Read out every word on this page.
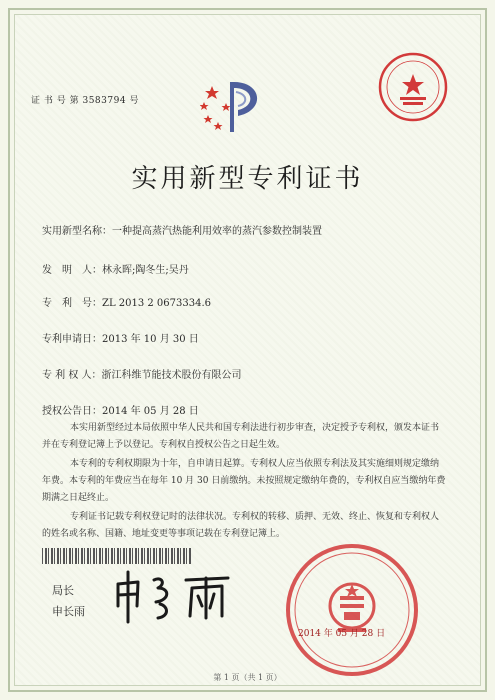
证 书 号 第 3583794 号
实用新型专利证书
实用新型名称：一种提高蒸汽热能利用效率的蒸汽参数控制装置
发　明　人：林永晖;陶冬生;吴丹
专　利　号：ZL 2013 2 0673334.6
专利申请日：2013 年 10 月 30 日
专 利 权 人：浙江科维节能技术股份有限公司
授权公告日：2014 年 05 月 28 日
本实用新型经过本局依照中华人民共和国专利法进行初步审查，决定授予专利权，颁发本证书并在专利登记簿上予以登记。专利权自授权公告之日起生效。
本专利的专利权期限为十年，自申请日起算。专利权人应当依照专利法及其实施细则规定缴纳年费。本专利的年费应当在每年 10 月 30 日前缴纳。未按照规定缴纳年费的，专利权自应当缴纳年费期满之日起终止。
专利证书记载专利权登记时的法律状况。专利权的转移、质押、无效、终止、恢复和专利权人的姓名或名称、国籍、地址变更等事项记载在专利登记簿上。
局长
申长雨
2014 年 05 月 28 日
第 1 页（共 1 页）
